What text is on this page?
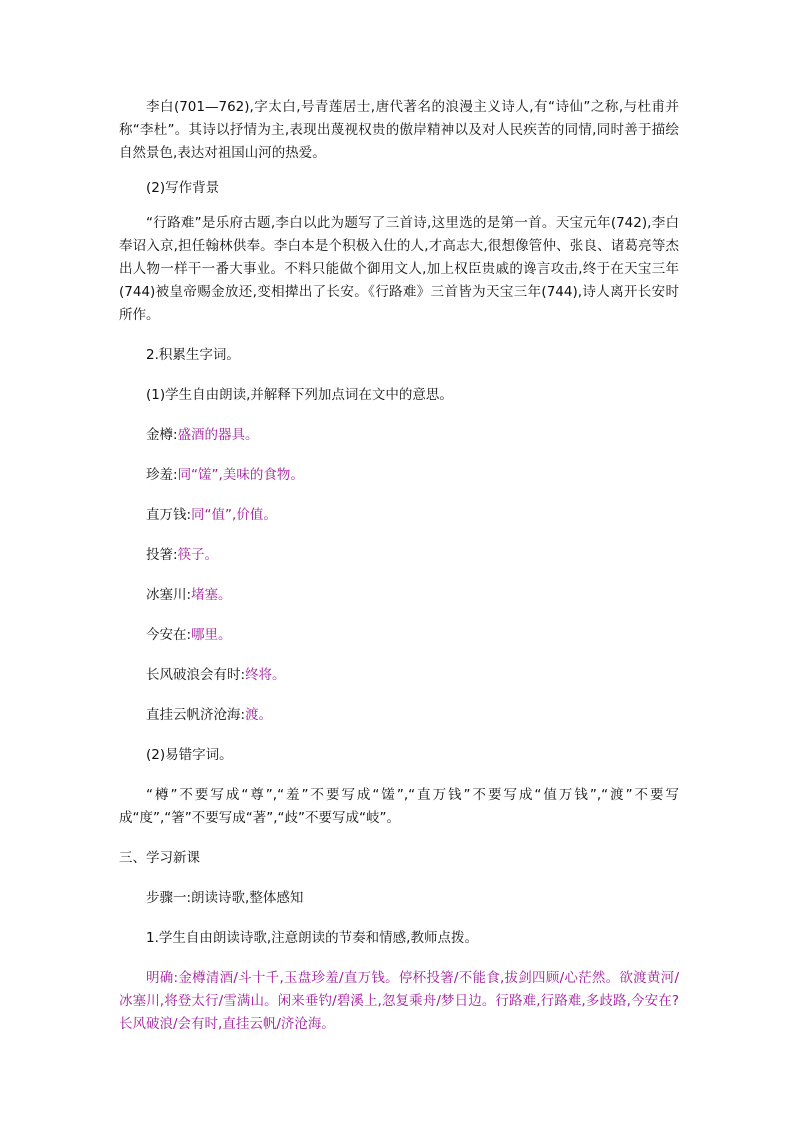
李白(701—762),字太白,号青莲居士,唐代著名的浪漫主义诗人,有“诗仙”之称,与杜甫并称“李杜”。其诗以抒情为主,表现出蔑视权贵的傲岸精神以及对人民疾苦的同情,同时善于描绘自然景色,表达对祖国山河的热爱。

(2)写作背景

“行路难”是乐府古题,李白以此为题写了三首诗,这里选的是第一首。天宝元年(742),李白奉诏入京,担任翰林供奉。李白本是个积极入仕的人,才高志大,很想像管仲、张良、诸葛亮等杰出人物一样干一番大事业。不料只能做个御用文人,加上权臣贵戚的谗言攻击,终于在天宝三年(744)被皇帝赐金放还,变相撵出了长安。《行路难》三首皆为天宝三年(744),诗人离开长安时所作。

2.积累生字词。

(1)学生自由朗读,并解释下列加点词在文中的意思。

金樽:盛酒的器具。

珍羞:同“馐”,美味的食物。

直万钱:同“值”,价值。

投箸:筷子。

冰塞川:堵塞。

今安在:哪里。

长风破浪会有时:终将。

直挂云帆济沧海:渡。

(2)易错字词。

“樽”不要写成“尊”,“羞”不要写成“馐”,“直万钱”不要写成“值万钱”,“渡”不要写成“度”,“箸”不要写成“著”,“歧”不要写成“岐”。

三、学习新课

步骤一:朗读诗歌,整体感知

1.学生自由朗读诗歌,注意朗读的节奏和情感,教师点拨。

明确:金樽清酒/斗十千,玉盘珍羞/直万钱。停杯投箸/不能食,拔剑四顾/心茫然。欲渡黄河/冰塞川,将登太行/雪满山。闲来垂钓/碧溪上,忽复乘舟/梦日边。行路难,行路难,多歧路,今安在?长风破浪/会有时,直挂云帆/济沧海。
